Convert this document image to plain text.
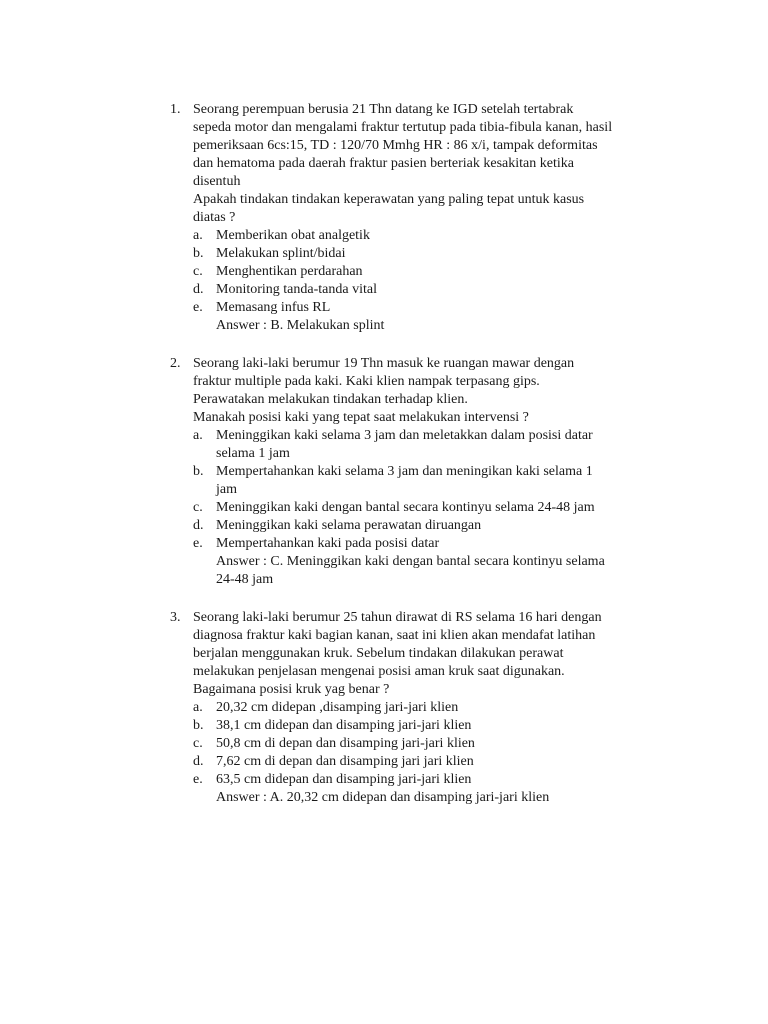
1. Seorang perempuan berusia 21 Thn datang ke IGD setelah tertabrak
sepeda motor dan mengalami fraktur tertutup pada tibia-fibula kanan, hasil
pemeriksaan 6cs:15, TD : 120/70 Mmhg HR : 86 x/i, tampak deformitas
dan hematoma pada daerah fraktur pasien berteriak kesakitan ketika
disentuh
Apakah tindakan tindakan keperawatan yang paling tepat untuk kasus
diatas ?
a. Memberikan obat analgetik
b. Melakukan splint/bidai
c. Menghentikan perdarahan
d. Monitoring tanda-tanda vital
e. Memasang infus RL
Answer : B. Melakukan splint
2. Seorang laki-laki berumur 19 Thn masuk ke ruangan mawar dengan
fraktur multiple pada kaki. Kaki klien nampak terpasang gips.
Perawatakan melakukan tindakan terhadap klien.
Manakah posisi kaki yang tepat saat melakukan intervensi ?
a. Meninggikan kaki selama 3 jam dan meletakkan dalam posisi datar
selama 1 jam
b. Mempertahankan kaki selama 3 jam dan meningikan kaki selama 1
jam
c. Meninggikan kaki dengan bantal secara kontinyu selama 24-48 jam
d. Meninggikan kaki selama perawatan diruangan
e. Mempertahankan kaki pada posisi datar
Answer : C. Meninggikan kaki dengan bantal secara kontinyu selama
24-48 jam
3. Seorang laki-laki berumur 25 tahun dirawat di RS selama 16 hari dengan
diagnosa fraktur kaki bagian kanan, saat ini klien akan mendafat latihan
berjalan menggunakan kruk. Sebelum tindakan dilakukan perawat
melakukan penjelasan mengenai posisi aman kruk saat digunakan.
Bagaimana posisi kruk yag benar ?
a. 20,32 cm didepan ,disamping jari-jari klien
b. 38,1 cm didepan dan disamping jari-jari klien
c. 50,8 cm di depan dan disamping jari-jari klien
d. 7,62 cm di depan dan disamping jari jari klien
e. 63,5 cm didepan dan disamping jari-jari klien
Answer : A. 20,32 cm didepan dan disamping jari-jari klien
